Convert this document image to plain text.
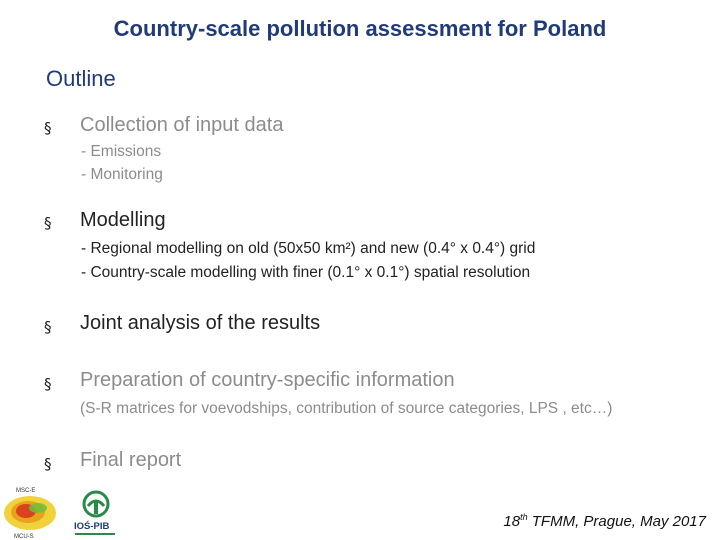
Country-scale pollution assessment for Poland
Outline
§ Collection of input data
- Emissions
- Monitoring
§ Modelling
- Regional modelling on old (50x50 km²) and new (0.4° x 0.4°) grid
- Country-scale modelling with finer (0.1° x 0.1°) spatial resolution
§ Joint analysis of the results
§ Preparation of country-specific information
(S-R matrices for voevodships, contribution of source categories, LPS , etc…)
§ Final report
MSC-E
MCU-S
IOŚ-PIB	18th TFMM, Prague, May 2017
